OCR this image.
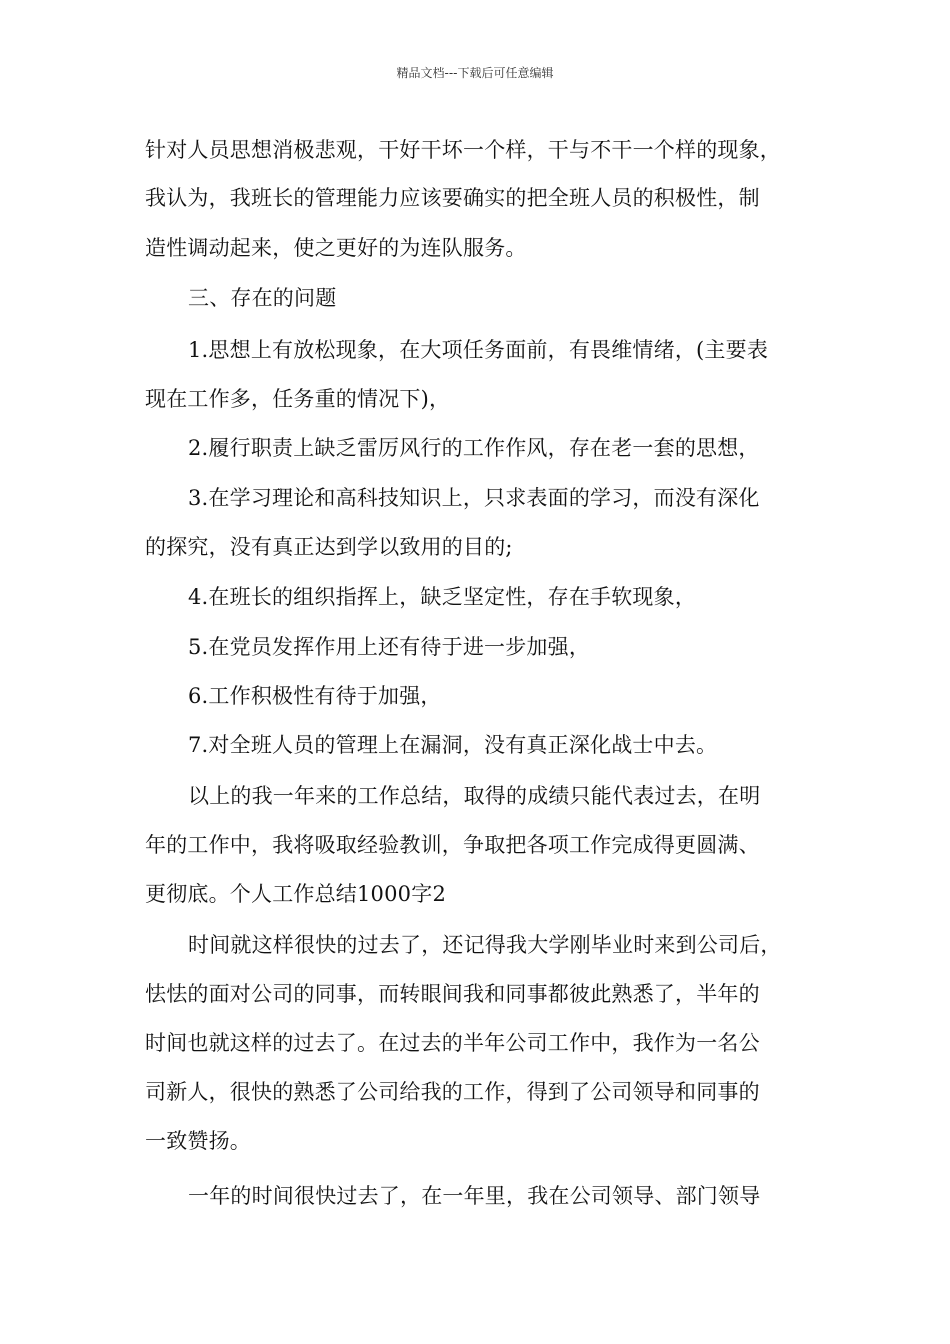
精品文档---下载后可任意编辑
针对人员思想消极悲观，干好干坏一个样，干与不干一个样的现象，
我认为，我班长的管理能力应该要确实的把全班人员的积极性，制
造性调动起来，使之更好的为连队服务。
三、存在的问题
1.思想上有放松现象，在大项任务面前，有畏维情绪，(主要表
现在工作多，任务重的情况下)，
2.履行职责上缺乏雷厉风行的工作作风，存在老一套的思想，
3.在学习理论和高科技知识上，只求表面的学习，而没有深化
的探究，没有真正达到学以致用的目的;
4.在班长的组织指挥上，缺乏坚定性，存在手软现象，
5.在党员发挥作用上还有待于进一步加强，
6.工作积极性有待于加强，
7.对全班人员的管理上在漏洞，没有真正深化战士中去。
以上的我一年来的工作总结，取得的成绩只能代表过去，在明
年的工作中，我将吸取经验教训，争取把各项工作完成得更圆满、
更彻底。个人工作总结1000字2
时间就这样很快的过去了，还记得我大学刚毕业时来到公司后，
怯怯的面对公司的同事，而转眼间我和同事都彼此熟悉了，半年的
时间也就这样的过去了。在过去的半年公司工作中，我作为一名公
司新人，很快的熟悉了公司给我的工作，得到了公司领导和同事的
一致赞扬。
一年的时间很快过去了，在一年里，我在公司领导、部门领导
